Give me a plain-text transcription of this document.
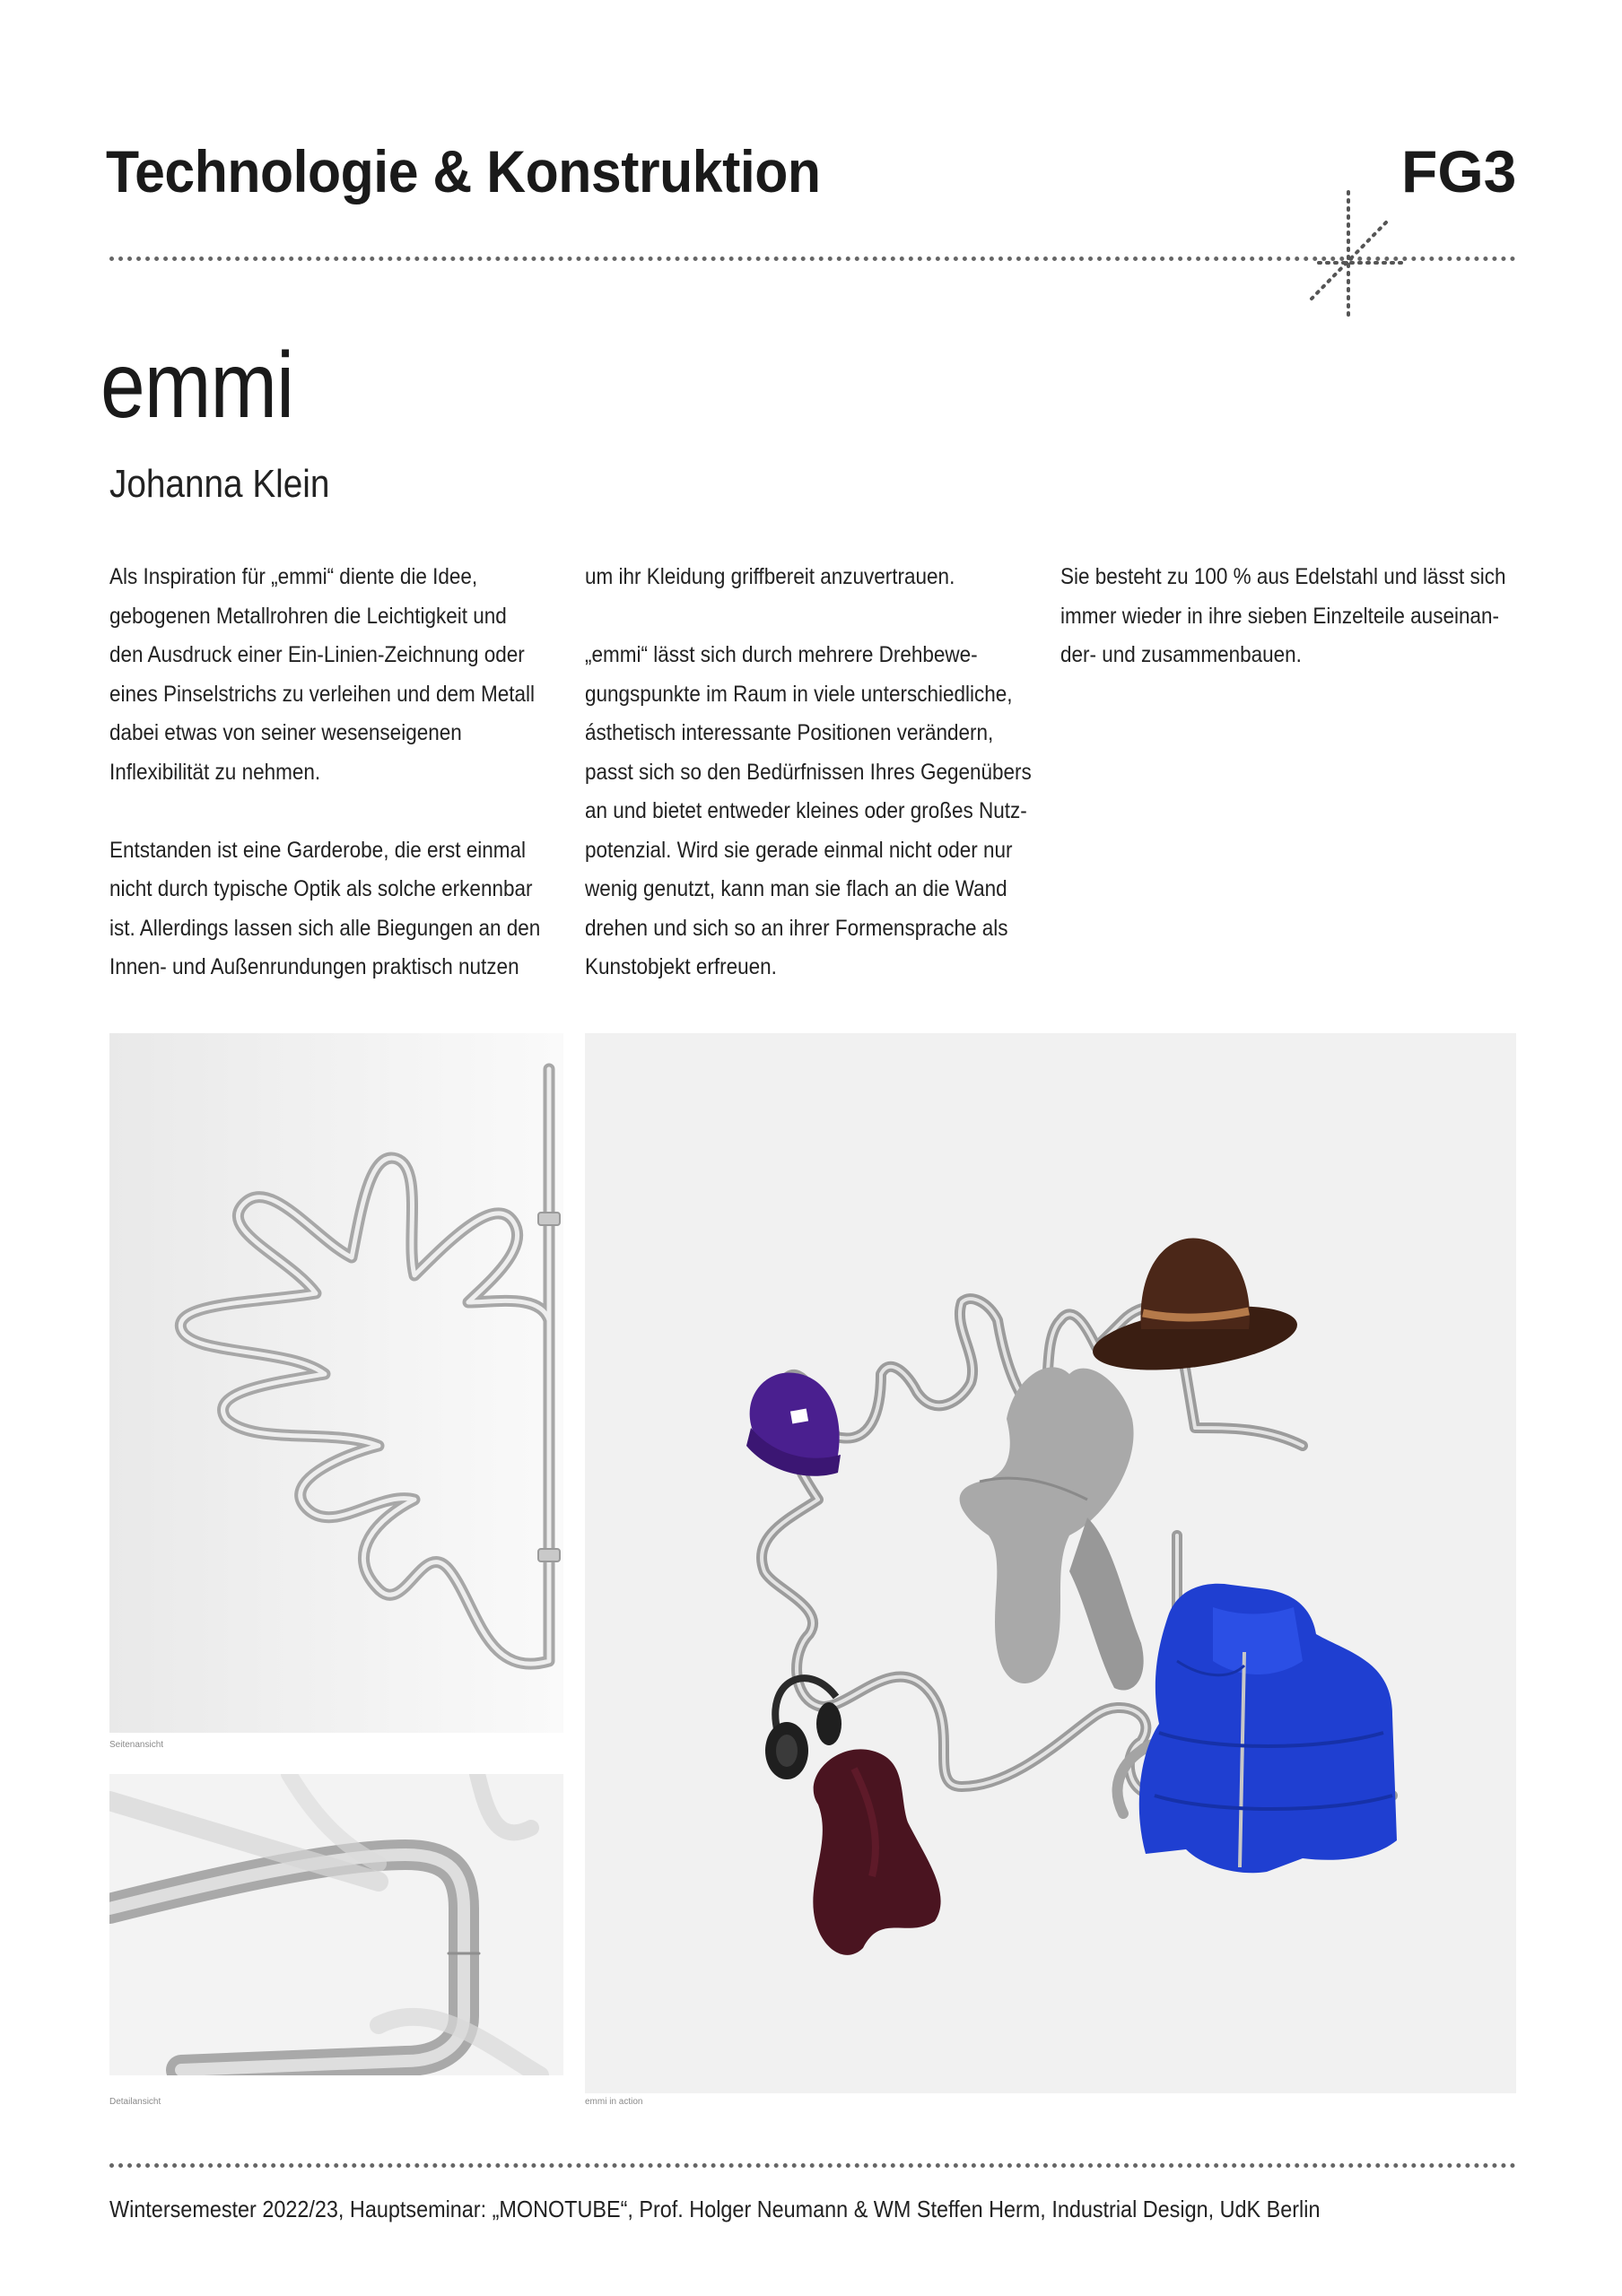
Technologie & Konstruktion	FG3
emmi
Johanna Klein

Als Inspiration für „emmi“ diente die Idee,
gebogenen Metallrohren die Leichtigkeit und
den Ausdruck einer Ein-Linien-Zeichnung oder
eines Pinselstrichs zu verleihen und dem Metall
dabei etwas von seiner wesenseigenen
Inflexibilität zu nehmen.

Entstanden ist eine Garderobe, die erst einmal
nicht durch typische Optik als solche erkennbar
ist. Allerdings lassen sich alle Biegungen an den
Innen- und Außenrundungen praktisch nutzen

um ihr Kleidung griffbereit anzuvertrauen.

„emmi“ lässt sich durch mehrere Drehbewe-
gungspunkte im Raum in viele unterschiedliche,
ásthetisch interessante Positionen verändern,
passt sich so den Bedürfnissen Ihres Gegenübers
an und bietet entweder kleines oder großes Nutz-
potenzial. Wird sie gerade einmal nicht oder nur
wenig genutzt, kann man sie flach an die Wand
drehen und sich so an ihrer Formensprache als
Kunstobjekt erfreuen.

Sie besteht zu 100 % aus Edelstahl und lässt sich
immer wieder in ihre sieben Einzelteile auseinan-
der- und zusammenbauen.

Seitenansicht
Detailansicht	emmi in action
Wintersemester 2022/23, Hauptseminar: „MONOTUBE“, Prof. Holger Neumann & WM Steffen Herm, Industrial Design, UdK Berlin
